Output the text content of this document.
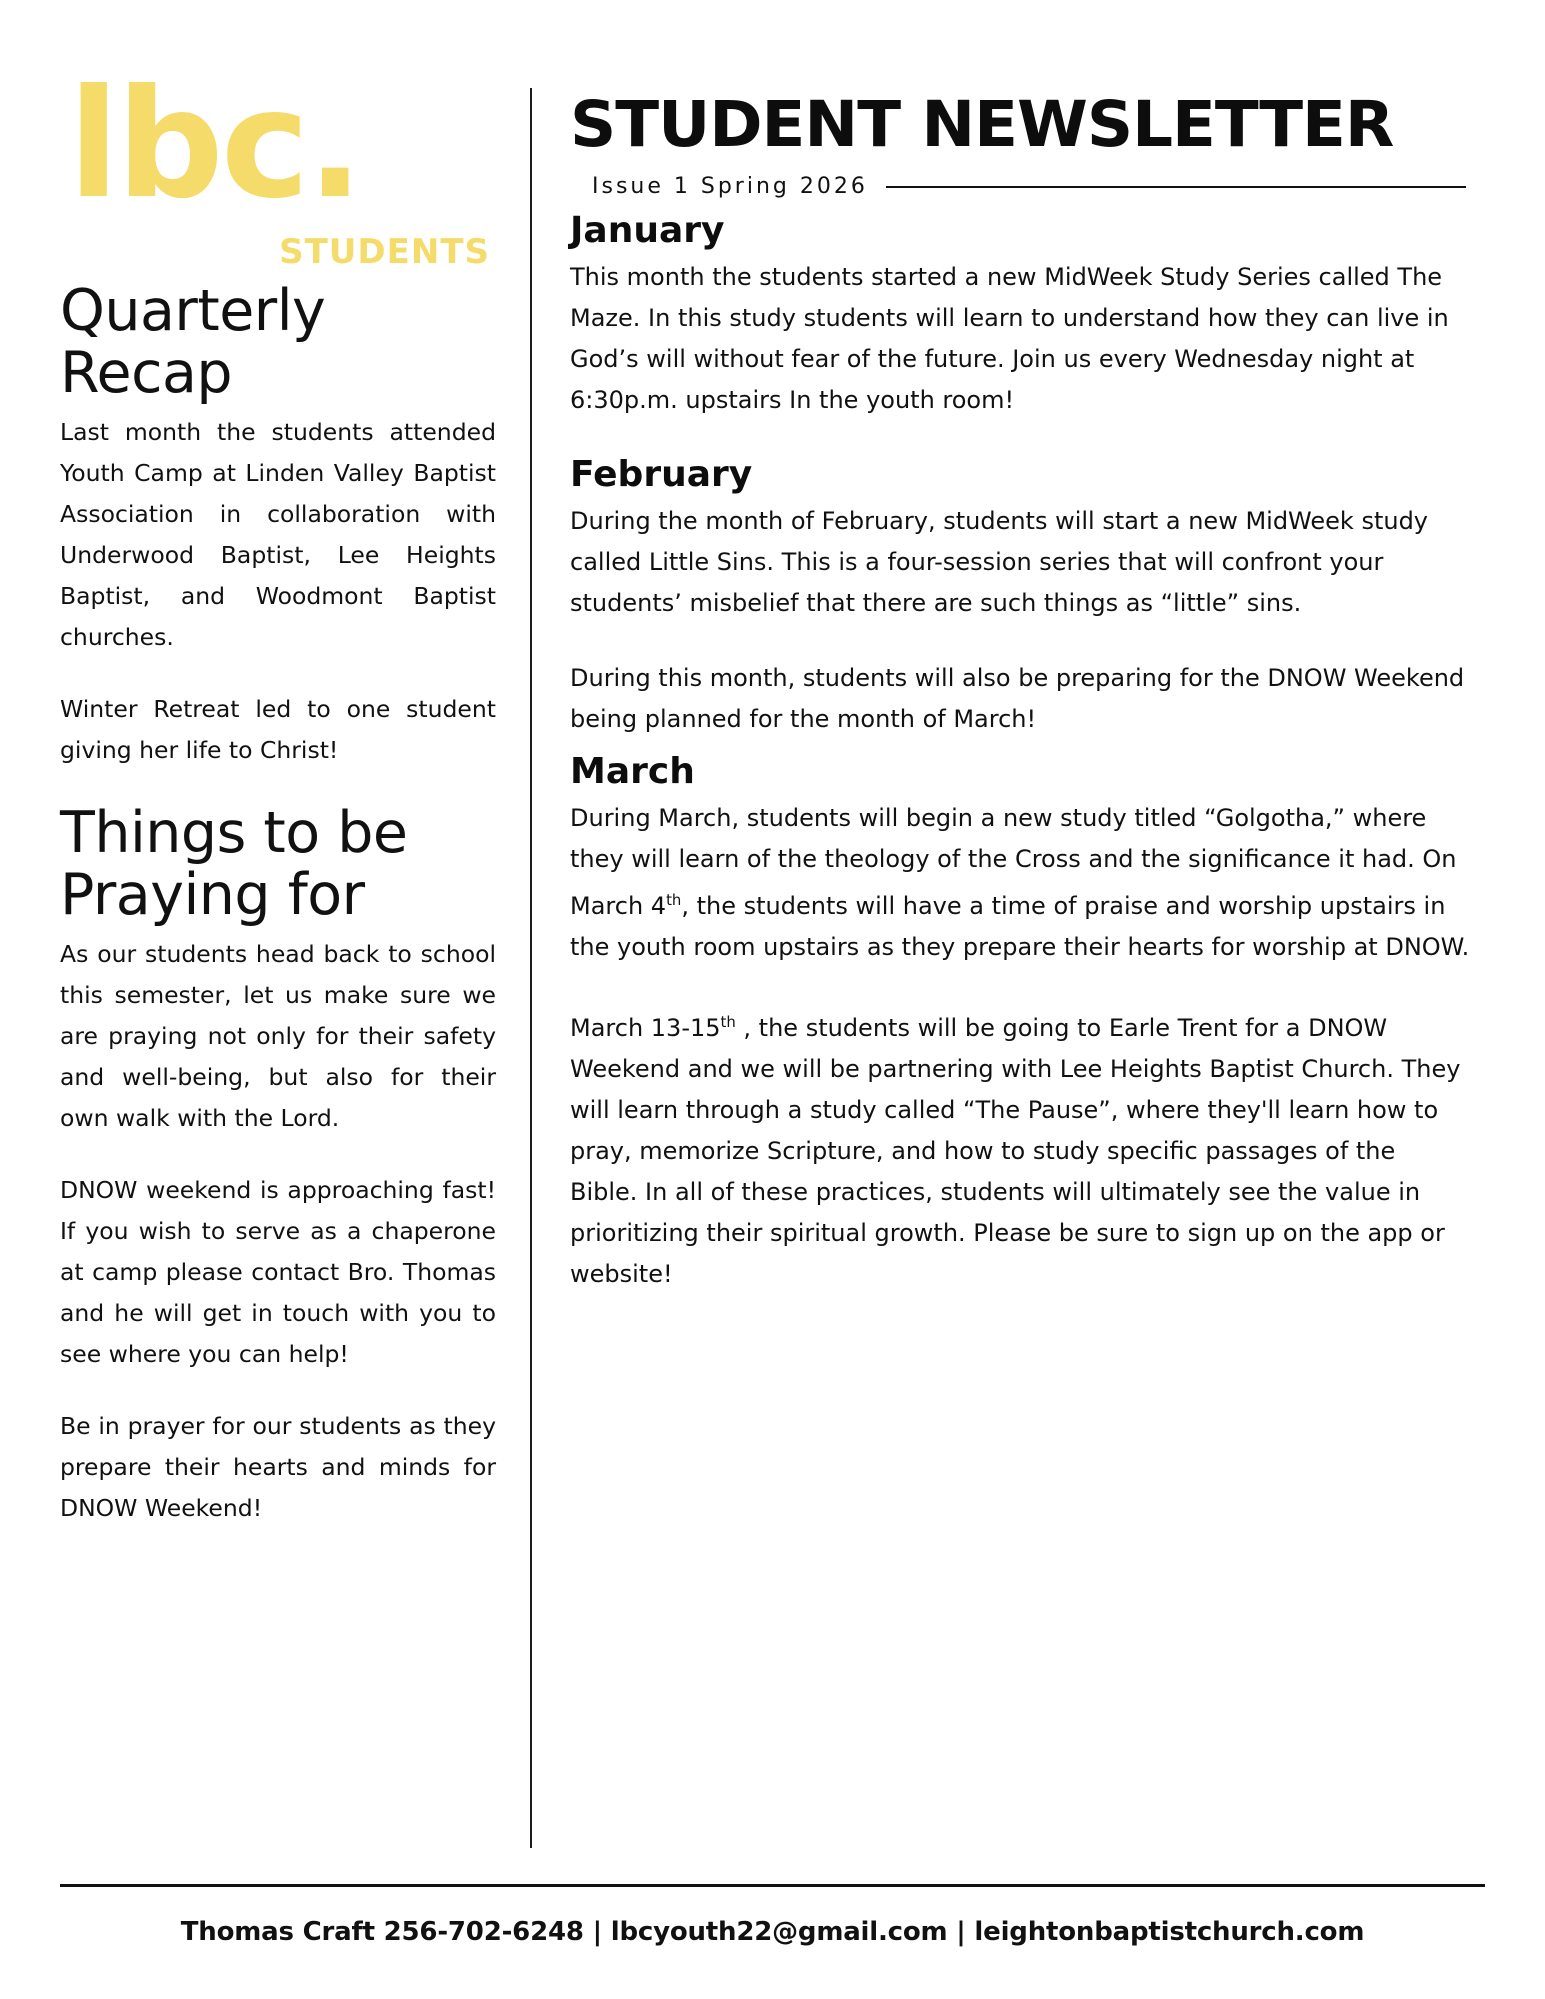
lbc.
STUDENTS
Quarterly
Recap

Last month the students attended Youth Camp at Linden Valley Baptist Association in collaboration with Underwood Baptist, Lee Heights Baptist, and Woodmont Baptist churches.

Winter Retreat led to one student giving her life to Christ!

Things to be
Praying for

As our students head back to school this semester, let us make sure we are praying not only for their safety and well-being, but also for their own walk with the Lord.

DNOW weekend is approaching fast! If you wish to serve as a chaperone at camp please contact Bro. Thomas and he will get in touch with you to see where you can help!

Be in prayer for our students as they prepare their hearts and minds for DNOW Weekend!

STUDENT NEWSLETTER
Issue 1 Spring 2026
January

This month the students started a new MidWeek Study Series called The Maze. In this study students will learn to understand how they can live in God’s will without fear of the future. Join us every Wednesday night at 6:30p.m. upstairs In the youth room!

February

During the month of February, students will start a new MidWeek study called Little Sins. This is a four-session series that will confront your students’ misbelief that there are such things as “little” sins.

During this month, students will also be preparing for the DNOW Weekend being planned for the month of March!

March

During March, students will begin a new study titled “Golgotha,” where they will learn of the theology of the Cross and the significance it had. On March 4th, the students will have a time of praise and worship upstairs in the youth room upstairs as they prepare their hearts for worship at DNOW.

March 13-15th , the students will be going to Earle Trent for a DNOW Weekend and we will be partnering with Lee Heights Baptist Church. They will learn through a study called “The Pause”, where they'll learn how to pray, memorize Scripture, and how to study specific passages of the Bible. In all of these practices, students will ultimately see the value in prioritizing their spiritual growth. Please be sure to sign up on the app or website!

Thomas Craft 256-702-6248 | lbcyouth22@gmail.com | leightonbaptistchurch.com
